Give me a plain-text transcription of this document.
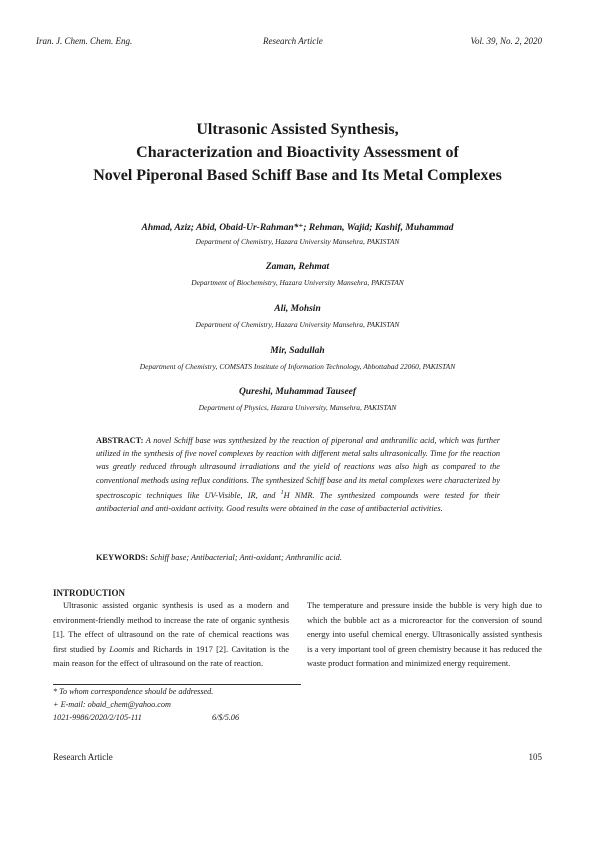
Iran. J. Chem. Chem. Eng.	Research Article	Vol. 39, No. 2, 2020
Ultrasonic Assisted Synthesis,
Characterization and Bioactivity Assessment of
Novel Piperonal Based Schiff Base and Its Metal Complexes
Ahmad, Aziz; Abid, Obaid-Ur-Rahman*⁺; Rehman, Wajid; Kashif, Muhammad
Department of Chemistry, Hazara University Mansehra, PAKISTAN
Zaman, Rehmat
Department of Biochemistry, Hazara University Mansehra, PAKISTAN
Ali, Mohsin
Department of Chemistry, Hazara University Mansehra, PAKISTAN
Mir, Sadullah
Department of Chemistry, COMSATS Institute of Information Technology, Abbottabad 22060, PAKISTAN
Qureshi, Muhammad Tauseef
Department of Physics, Hazara University, Mansehra, PAKISTAN
ABSTRACT: A novel Schiff base was synthesized by the reaction of piperonal and anthranilic acid, which was further utilized in the synthesis of five novel complexes by reaction with different metal salts ultrasonically. Time for the reaction was greatly reduced through ultrasound irradiations and the yield of reactions was also high as compared to the conventional methods using reflux conditions. The synthesized Schiff base and its metal complexes were characterized by spectroscopic techniques like UV-Visible, IR, and $^1$H NMR. The synthesized compounds were tested for their antibacterial and anti-oxidant activity. Good results were obtained in the case of antibacterial activities.
KEYWORDS: Schiff base; Antibacterial; Anti-oxidant; Anthranilic acid.
INTRODUCTION

Ultrasonic assisted organic synthesis is used as a modern and environment-friendly method to increase the rate of organic synthesis [1]. The effect of ultrasound on the rate of chemical reactions was first studied by Loomis and Richards in 1917 [2]. Cavitation is the main reason for the effect of ultrasound on the rate of reaction.

The temperature and pressure inside the bubble is very high due to which the bubble act as a microreactor for the conversion of sound energy into useful chemical energy. Ultrasonically assisted synthesis is a very important tool of green chemistry because it has reduced the waste product formation and minimized energy requirement.

* To whom correspondence should be addressed.
+ E-mail: obaid_chem@yahoo.com
1021-9986/2020/2/105-111	6/$/5.06
Research Article	105
